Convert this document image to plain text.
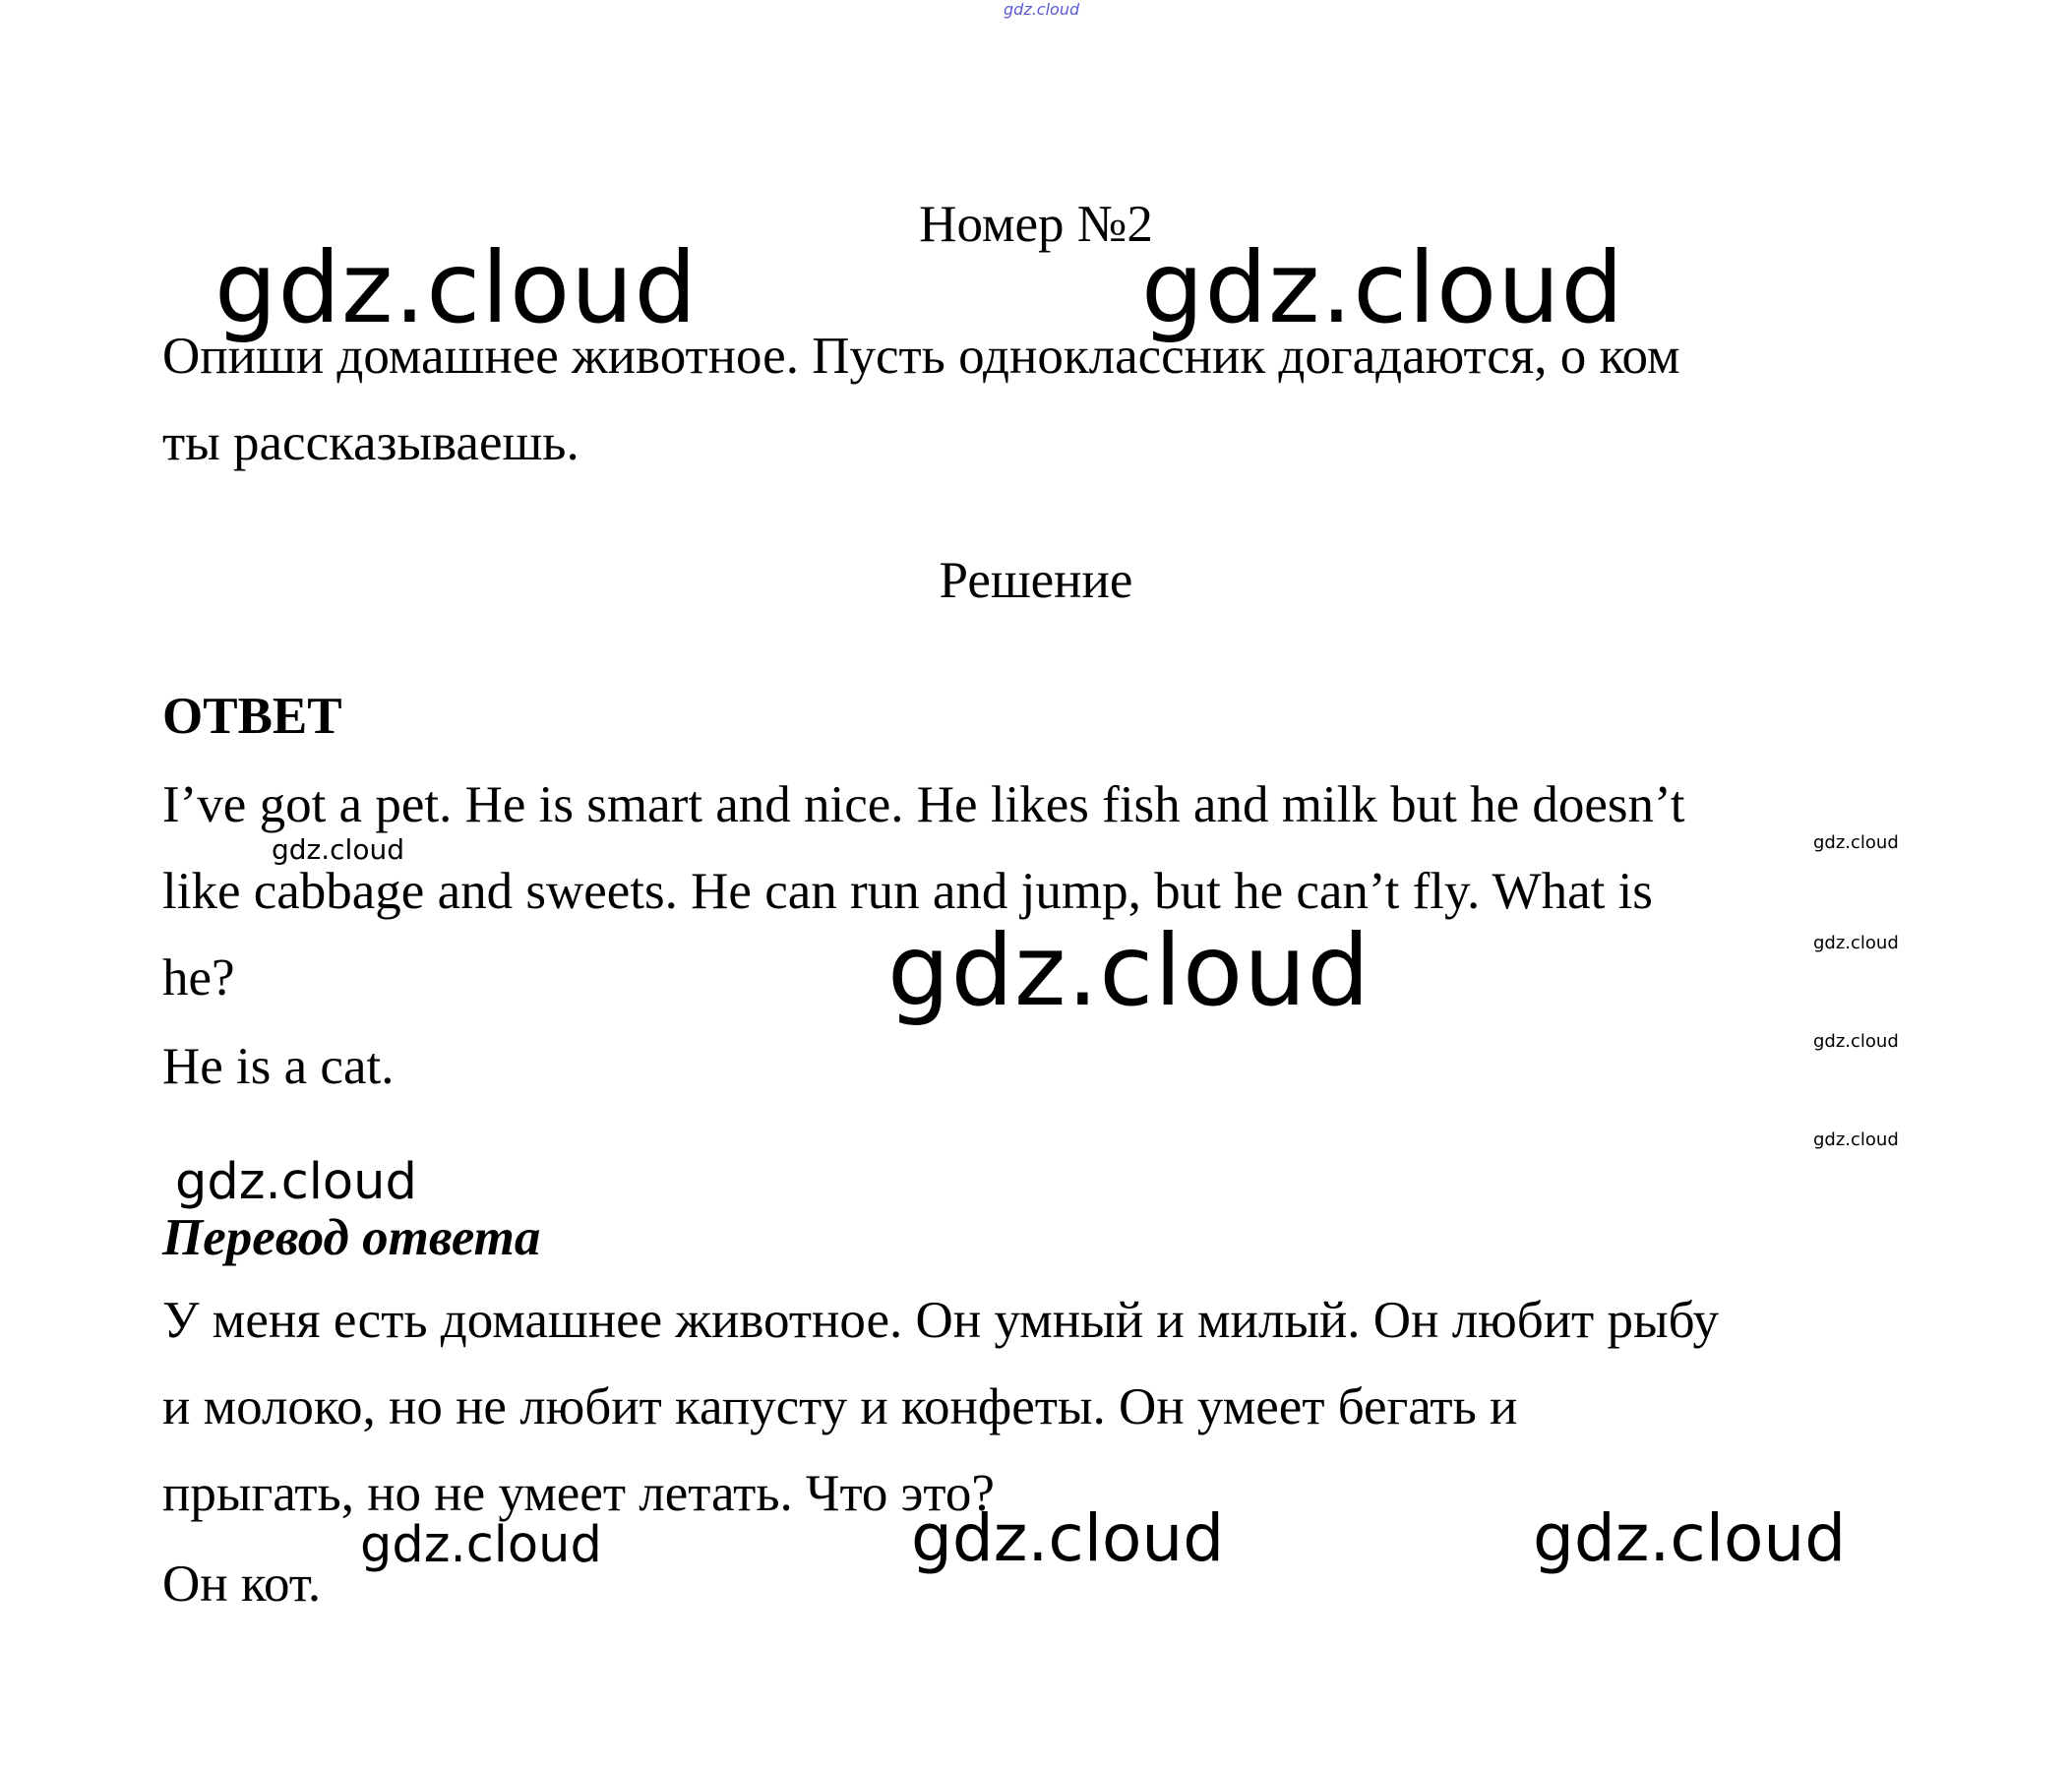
gdz.cloud
Номер №2
Опиши домашнее животное. Пусть одноклассник догадаются, о ком
ты рассказываешь.
Решение
ОТВЕТ
I’ve got a pet. He is smart and nice. He likes fish and milk but he doesn’t
like cabbage and sweets. He can run and jump, but he can’t fly. What is
he?
He is a cat.
Перевод ответа
У меня есть домашнее животное. Он умный и милый. Он любит рыбу
и молоко, но не любит капусту и конфеты. Он умеет бегать и
прыгать, но не умеет летать. Что это?
Он кот.
gdz.cloud	gdz.cloud
gdz.cloud	gdz.cloud
gdz.cloud
gdz.cloud
gdz.cloud
gdz.cloud
gdz.cloud
gdz.cloud	gdz.cloud	gdz.cloud
